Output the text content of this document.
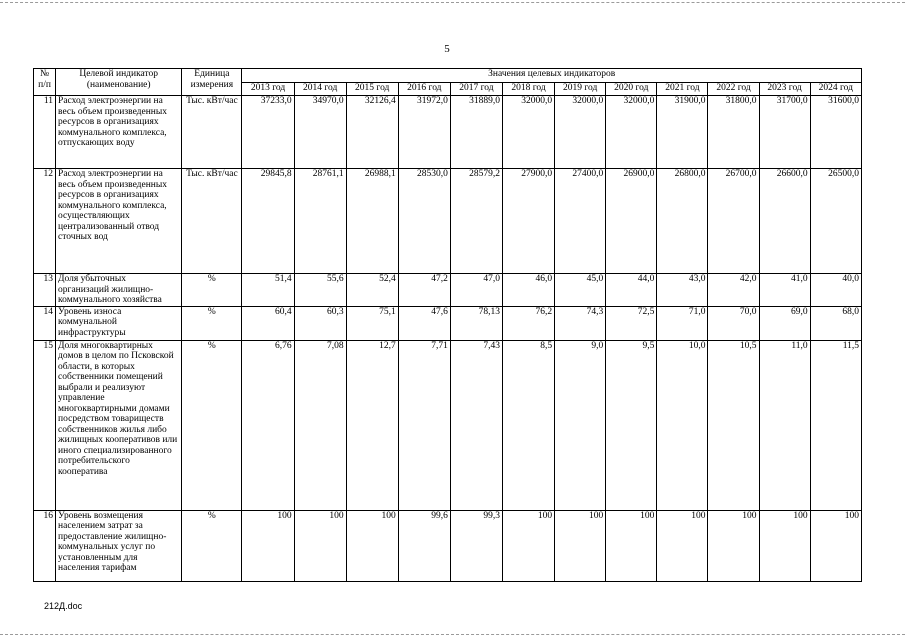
5
№ п/п	Целевой индикатор (наименование)	Единица измерения	Значения целевых индикаторов											
			2013 год	2014 год	2015 год	2016 год	2017 год	2018 год	2019 год	2020 год	2021 год	2022 год	2023 год	2024 год
11	Расход электроэнергии на весь объем произведенных ресурсов в организациях коммунального комплекса, отпускающих воду	Тыс. кВт/час	37233,0	34970,0	32126,4	31972,0	31889,0	32000,0	32000,0	32000,0	31900,0	31800,0	31700,0	31600,0
12	Расход электроэнергии на весь объем произведенных ресурсов в организациях коммунального комплекса, осуществляющих централизованный отвод сточных вод	Тыс. кВт/час	29845,8	28761,1	26988,1	28530,0	28579,2	27900,0	27400,0	26900,0	26800,0	26700,0	26600,0	26500,0
13	Доля убыточных организаций жилищно-коммунального хозяйства	%	51,4	55,6	52,4	47,2	47,0	46,0	45,0	44,0	43,0	42,0	41,0	40,0
14	Уровень износа коммунальной инфраструктуры	%	60,4	60,3	75,1	47,6	78,13	76,2	74,3	72,5	71,0	70,0	69,0	68,0
15	Доля многоквартирных домов в целом по Псковской области, в которых собственники помещений выбрали и реализуют управление многоквартирными домами посредством товариществ собственников жилья либо жилищных кооперативов или иного специализированного потребительского кооператива	%	6,76	7,08	12,7	7,71	7,43	8,5	9,0	9,5	10,0	10,5	11,0	11,5
16	Уровень возмещения населением затрат за предоставление жилищно-коммунальных услуг по установленным для населения тарифам	%	100	100	100	99,6	99,3	100	100	100	100	100	100	100
212Д.doc
